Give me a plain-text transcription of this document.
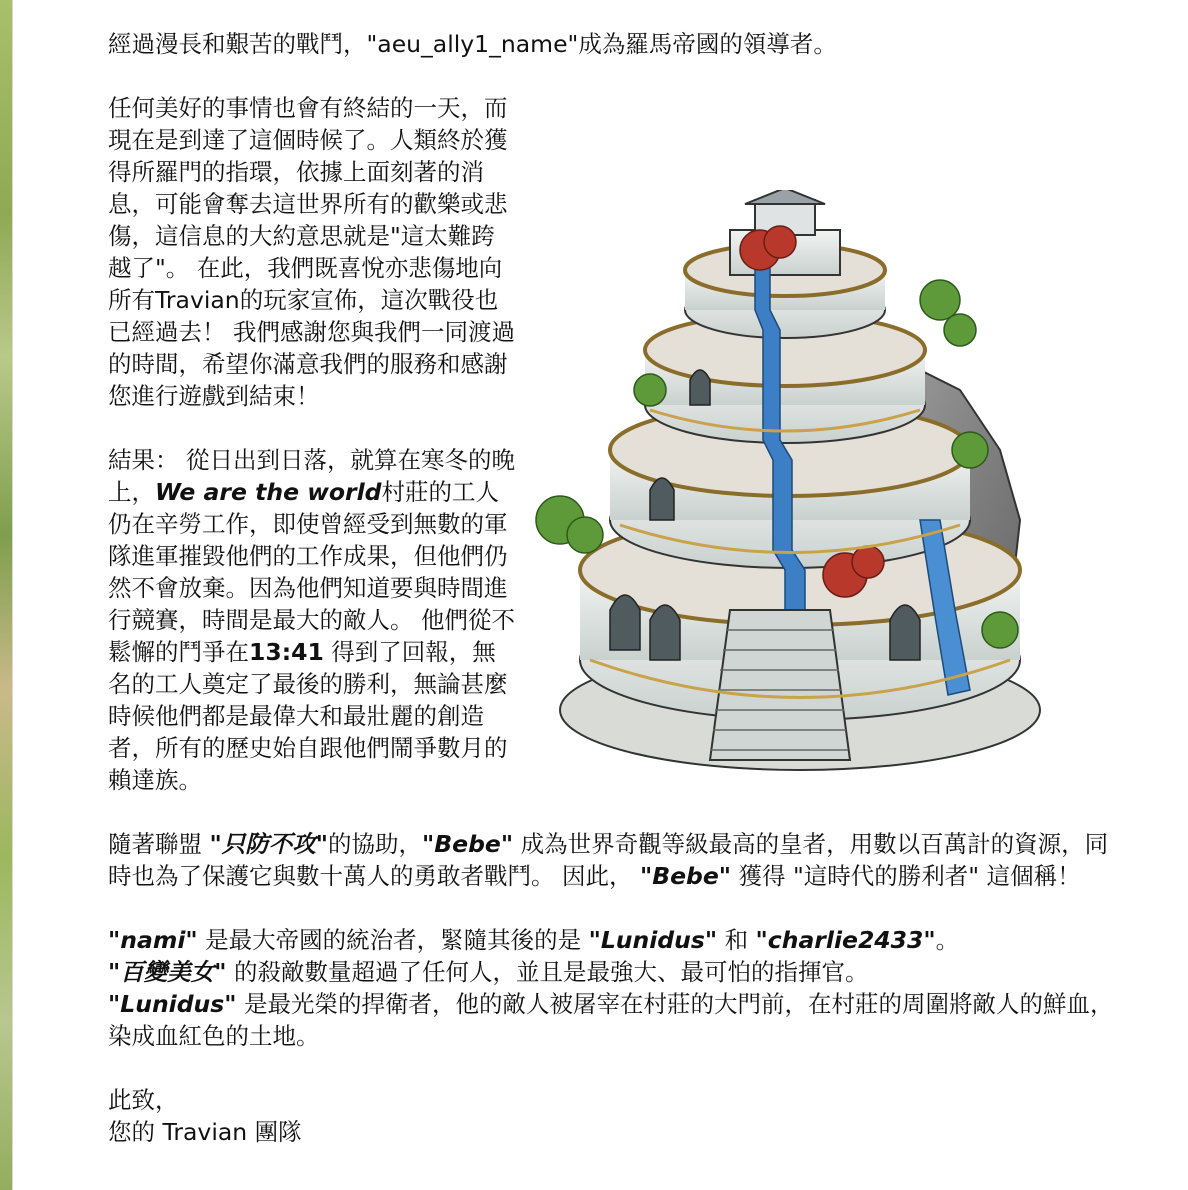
經過漫長和艱苦的戰鬥，"aeu_ally1_name"成為羅馬帝國的領導者。

任何美好的事情也會有終結的一天，而現在是到達了這個時候了。人類終於獲得所羅門的指環，依據上面刻著的消息，可能會奪去這世界所有的歡樂或悲傷，這信息的大約意思就是"這太難跨越了"。 在此，我們既喜悅亦悲傷地向所有Travian的玩家宣佈，這次戰役也已經過去！ 我們感謝您與我們一同渡過的時間，希望你滿意我們的服務和感謝您進行遊戲到結束！

結果： 從日出到日落，就算在寒冬的晚上，We are the world村莊的工人仍在辛勞工作，即使曾經受到無數的軍隊進軍摧毀他們的工作成果，但他們仍 然不會放棄。因為他們知道要與時間進行競賽，時間是最大的敵人。 他們從不鬆懈的鬥爭在13:41 得到了回報，無名的工人奠定了最後的勝利，無論甚麼時候他們都是最偉大和最壯麗的創造者，所有的歷史始自跟他們鬧爭數月的賴達族。

隨著聯盟 "只防不攻"的協助，"Bebe" 成為世界奇觀等級最高的皇者，用數以百萬計的資源，同時也為了保護它與數十萬人的勇敢者戰鬥。 因此， "Bebe" 獲得 "這時代的勝利者" 這個稱！

"nami" 是最大帝國的統治者，緊隨其後的是 "Lunidus" 和 "charlie2433"。
"百變美女" 的殺敵數量超過了任何人，並且是最強大、最可怕的指揮官。
"Lunidus" 是最光榮的捍衛者，他的敵人被屠宰在村莊的大門前，在村莊的周圍將敵人的鮮血，染成血紅色的土地。

此致，

您的 Travian 團隊
